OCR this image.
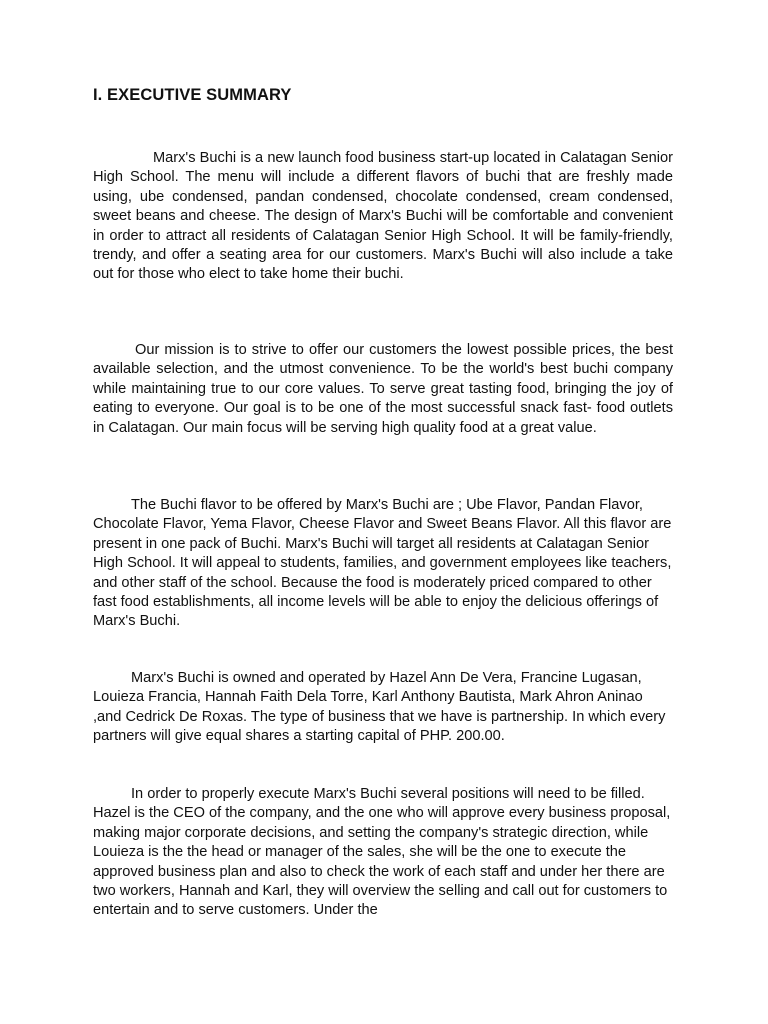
I. EXECUTIVE SUMMARY

Marx's Buchi is a new launch food business start-up located in Calatagan Senior High School. The menu will include a different flavors of buchi that are freshly made using, ube condensed, pandan condensed, chocolate condensed, cream condensed, sweet beans and cheese. The design of Marx's Buchi will be comfortable and convenient in order to attract all residents of Calatagan Senior High School. It will be family-friendly, trendy, and offer a seating area for our customers. Marx's Buchi will also include a take out for those who elect to take home their buchi.

Our mission is to strive to offer our customers the lowest possible prices, the best available selection, and the utmost convenience. To be the world's best buchi company while maintaining true to our core values. To serve great tasting food, bringing the joy of eating to everyone. Our goal is to be one of the most successful snack fast- food outlets in Calatagan. Our main focus will be serving high quality food at a great value.

The Buchi flavor to be offered by Marx's Buchi are ; Ube Flavor, Pandan Flavor, Chocolate Flavor, Yema Flavor, Cheese Flavor and Sweet Beans Flavor. All this flavor are present in one pack of Buchi. Marx's Buchi will target all residents at Calatagan Senior High School. It will appeal to students, families, and government employees like teachers, and other staff of the school. Because the food is moderately priced compared to other fast food establishments, all income levels will be able to enjoy the delicious offerings of Marx's Buchi.

Marx's Buchi is owned and operated by Hazel Ann De Vera, Francine Lugasan, Louieza Francia, Hannah Faith Dela Torre, Karl Anthony Bautista, Mark Ahron Aninao ,and Cedrick De Roxas. The type of business that we have is partnership. In which every partners will give equal shares a starting capital of PHP. 200.00.

In order to properly execute Marx's Buchi several positions will need to be filled. Hazel is the CEO of the company, and the one who will approve every business proposal, making major corporate decisions, and setting the company's strategic direction, while Louieza is the the head or manager of the sales, she will be the one to execute the approved business plan and also to check the work of each staff and under her there are two workers, Hannah and Karl, they will overview the selling and call out for customers to entertain and to serve customers. Under the
